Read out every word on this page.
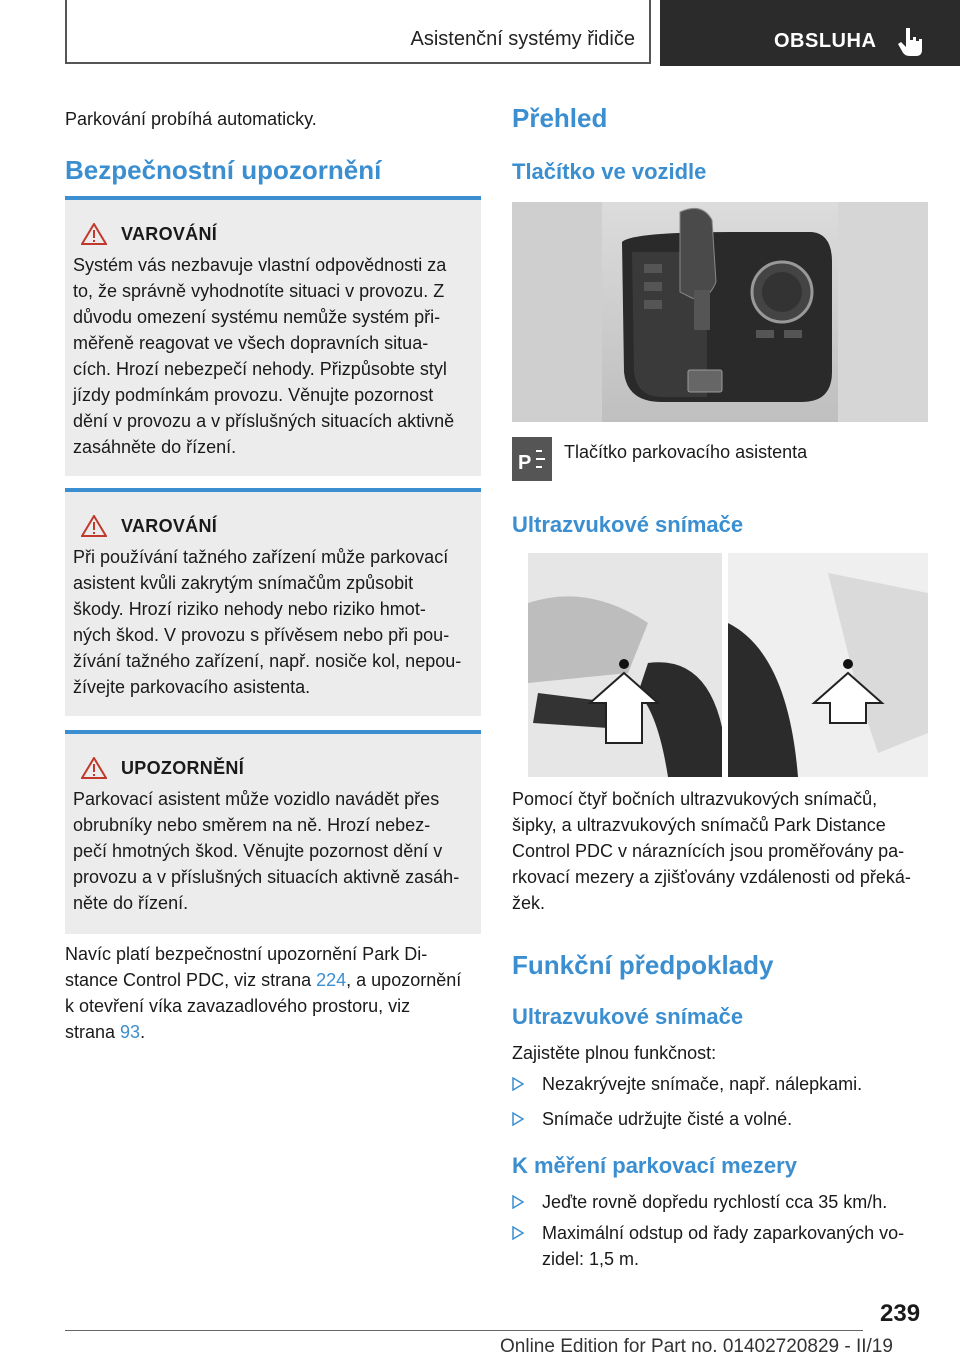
Asistenční systémy řidiče	OBSLUHA

Parkování probíhá automaticky.

Bezpečnostní upozornění
VAROVÁNÍ
Systém vás nezbavuje vlastní odpovědnosti za
to, že správně vyhodnotíte situaci v provozu. Z
důvodu omezení systému nemůže systém při-
měřeně reagovat ve všech dopravních situa-
cích. Hrozí nebezpečí nehody. Přizpůsobte styl
jízdy podmínkám provozu. Věnujte pozornost
dění v provozu a v příslušných situacích aktivně
zasáhněte do řízení.
VAROVÁNÍ
Při používání tažného zařízení může parkovací
asistent kvůli zakrytým snímačům způsobit
škody. Hrozí riziko nehody nebo riziko hmot-
ných škod. V provozu s přívěsem nebo při pou-
žívání tažného zařízení, např. nosiče kol, nepou-
žívejte parkovacího asistenta.
UPOZORNĚNÍ
Parkovací asistent může vozidlo navádět přes
obrubníky nebo směrem na ně. Hrozí nebez-
pečí hmotných škod. Věnujte pozornost dění v
provozu a v příslušných situacích aktivně zasáh-
něte do řízení.
Navíc platí bezpečnostní upozornění Park Di-
stance Control PDC, viz strana 224, a upozornění
k otevření víka zavazadlového prostoru, viz
strana 93.
Přehled
Tlačítko ve vozidle
P Tlačítko parkovacího asistenta
Ultrazvukové snímače
Pomocí čtyř bočních ultrazvukových snímačů,
šipky, a ultrazvukových snímačů Park Distance
Control PDC v náraznících jsou proměřovány pa-
rkovací mezery a zjišťovány vzdálenosti od překá-
žek.
Funkční předpoklady
Ultrazvukové snímače

Zajistěte plnou funkčnost:

Nezakrývejte snímače, např. nálepkami.
Snímače udržujte čisté a volné.
K měření parkovací mezery
Jeďte rovně dopředu rychlostí cca 35 km/h.
Maximální odstup od řady zaparkovaných vo-
zidel: 1,5 m.
239
Online Edition for Part no. 01402720829 - II/19
